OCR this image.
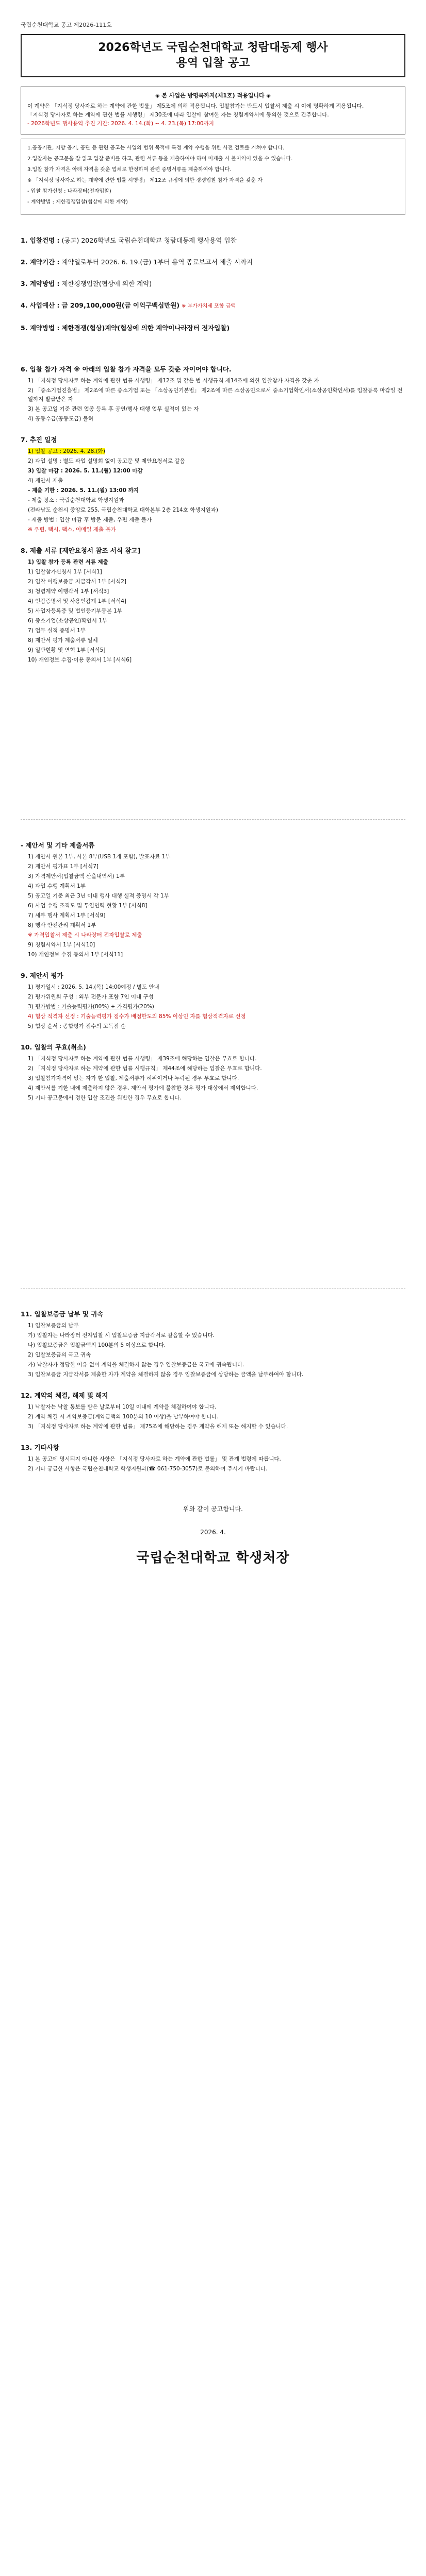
국립순천대학교 공고 제2026-111호
2026학년도 국립순천대학교 청람대동제 행사
용역 입찰 공고
◈ 본 사업은 방명록까지(제1호) 적용입니다 ◈
이 계약은 「지식정 당사자로 하는 계약에 관한 법률」 제5조에 의해 적용됩니다. 입찰참가는 반드시 입찰서 제출 시 이에 명확하게 적용됩니다.
「지식정 당사자로 하는 계약에 관한 법률 시행령」 제30조에 따라 입찰에 참여한 자는 청렴계약서에 동의한 것으로 간주합니다.
- 2026학년도 행사용역 추진 기간: 2026. 4. 14.(화) ~ 4. 23.(목) 17:00까지

1.공공기관, 지방 공기, 공단 등 관련 공고는 사업의 범위 목적에 특정 계약 수행을 위한 사전 검토를 거쳐야 합니다.

2.입찰자는 공고문을 잘 읽고 입찰 준비를 하고, 관련 서류 등을 제출하여야 하며 미제출 시 불이익이 있을 수 있습니다.

3.입찰 참가 자격은 아래 자격을 갖춘 업체로 한정하며 관련 증명서류를 제출하여야 합니다.

※ 「지식정 당사자로 하는 계약에 관한 법률 시행령」 제12조 규정에 의한 경쟁입찰 참가 자격을 갖춘 자

- 입찰 참가신청 : 나라장터(전자입찰)

- 계약방법 : 제한경쟁입찰(협상에 의한 계약)

1. 입찰건명 : (공고) 2026학년도 국립순천대학교 청람대동제 행사용역 입찰
2. 계약기간 : 계약일로부터 2026. 6. 19.(금) 1부터 용역 종료보고서 제출 시까지
3. 계약방법 : 제한경쟁입찰(협상에 의한 계약)
4. 사업예산 : 금 209,100,000원(금 이억구백십만원) ※ 부가가치세 포함 금액
5. 계약방법 : 제한경쟁(협상)계약(협상에 의한 계약이나라장터 전자입찰)
6. 입찰 참가 자격 ※ 아래의 입찰 참가 자격을 모두 갖춘 자이어야 합니다.

1) 「지식정 당사자로 하는 계약에 관한 법률 시행령」 제12조 및 같은 법 시행규칙 제14조에 의한 입찰참가 자격을 갖춘 자

2) 「중소기업진흥법」 제2조에 따른 중소기업 또는 「소상공인기본법」 제2조에 따른 소상공인으로서 중소기업확인서(소상공인확인서)를 입찰등록 마감일 전일까지 발급받은 자

3) 본 공고일 기준 관련 업종 등록 후 공연/행사 대행 업무 실적이 있는 자

4) 공동수급(공동도급) 불허

7. 추진 일정

1) 입찰 공고 : 2026. 4. 28.(화)

2) 과업 설명 : 별도 과업 설명회 없이 공고문 및 제안요청서로 갈음

3) 입찰 마감 : 2026. 5. 11.(월) 12:00 마감

4) 제안서 제출

- 제출 기한 : 2026. 5. 11.(월) 13:00 까지

- 제출 장소 : 국립순천대학교 학생지원과

(전라남도 순천시 중앙로 255, 국립순천대학교 대학본부 2층 214호 학생지원과)

- 제출 방법 : 입찰 마감 후 방문 제출, 우편 제출 불가

※ 우편, 택시, 팩스, 이메일 제출 불가

8. 제출 서류 [제안요청서 참조 서식 참고]

1) 입찰 참가 등록 관련 서류 제출

1) 입찰참가신청서 1부 [서식1]

2) 입찰 이행보증금 지급각서 1부 [서식2]

3) 청렴계약 이행각서 1부 [서식3]

4) 인감증명서 및 사용인감계 1부 [서식4]

5) 사업자등록증 및 법인등기부등본 1부

6) 중소기업(소상공인)확인서 1부

7) 업무 실적 증명서 1부

8) 제안서 평가 제출서류 일체

9) 일반현황 및 연혁 1부 [서식5]

10) 개인정보 수집·이용 동의서 1부 [서식6]

- 제안서 및 기타 제출서류

1) 제안서 원본 1부, 사본 8부(USB 1개 포함), 발표자료 1부

2) 제안서 평가표 1부 [서식7]

3) 가격제안서(입찰금액 산출내역서) 1부

4) 과업 수행 계획서 1부

5) 공고일 기준 최근 3년 이내 행사 대행 실적 증명서 각 1부

6) 사업 수행 조직도 및 투입인력 현황 1부 [서식8]

7) 세부 행사 계획서 1부 [서식9]

8) 행사 안전관리 계획서 1부

※ 가격입찰서 제출 시 나라장터 전자입찰로 제출

9) 청렴서약서 1부 [서식10]

10) 개인정보 수집 동의서 1부 [서식11]

9. 제안서 평가

1) 평가일시 : 2026. 5. 14.(목) 14:00예정 / 별도 안내

2) 평가위원회 구성 : 외부 전문가 포함 7인 이내 구성

3) 평가방법 : 기술능력평가(80%) + 가격평가(20%)

4) 협상 적격자 선정 : 기술능력평가 점수가 배점한도의 85% 이상인 자를 협상적격자로 선정

5) 협상 순서 : 종합평가 점수의 고득점 순

10. 입찰의 무효(취소)

1) 「지식정 당사자로 하는 계약에 관한 법률 시행령」 제39조에 해당하는 입찰은 무효로 합니다.

2) 「지식정 당사자로 하는 계약에 관한 법률 시행규칙」 제44조에 해당하는 입찰은 무효로 합니다.

3) 입찰참가자격이 없는 자가 한 입찰, 제출서류가 허위이거나 누락된 경우 무효로 합니다.

4) 제안서를 기한 내에 제출하지 않은 경우, 제안서 평가에 불참한 경우 평가 대상에서 제외합니다.

5) 기타 공고문에서 정한 입찰 조건을 위반한 경우 무효로 합니다.

11. 입찰보증금 납부 및 귀속

1) 입찰보증금의 납부

가) 입찰자는 나라장터 전자입찰 시 입찰보증금 지급각서로 갈음할 수 있습니다.

나) 입찰보증금은 입찰금액의 100분의 5 이상으로 합니다.

2) 입찰보증금의 국고 귀속

가) 낙찰자가 정당한 이유 없이 계약을 체결하지 않는 경우 입찰보증금은 국고에 귀속됩니다.

3) 입찰보증금 지급각서를 제출한 자가 계약을 체결하지 않을 경우 입찰보증금에 상당하는 금액을 납부하여야 합니다.

12. 계약의 체결, 해제 및 해지

1) 낙찰자는 낙찰 통보를 받은 날로부터 10일 이내에 계약을 체결하여야 합니다.

2) 계약 체결 시 계약보증금(계약금액의 100분의 10 이상)을 납부하여야 합니다.

3) 「지식정 당사자로 하는 계약에 관한 법률」 제75조에 해당하는 경우 계약을 해제 또는 해지할 수 있습니다.

13. 기타사항

1) 본 공고에 명시되지 아니한 사항은 「지식정 당사자로 하는 계약에 관한 법률」 및 관계 법령에 따릅니다.

2) 기타 궁금한 사항은 국립순천대학교 학생지원과(☎ 061-750-3057)로 문의하여 주시기 바랍니다.

위와 같이 공고합니다.
2026. 4.
국립순천대학교 학생처장
